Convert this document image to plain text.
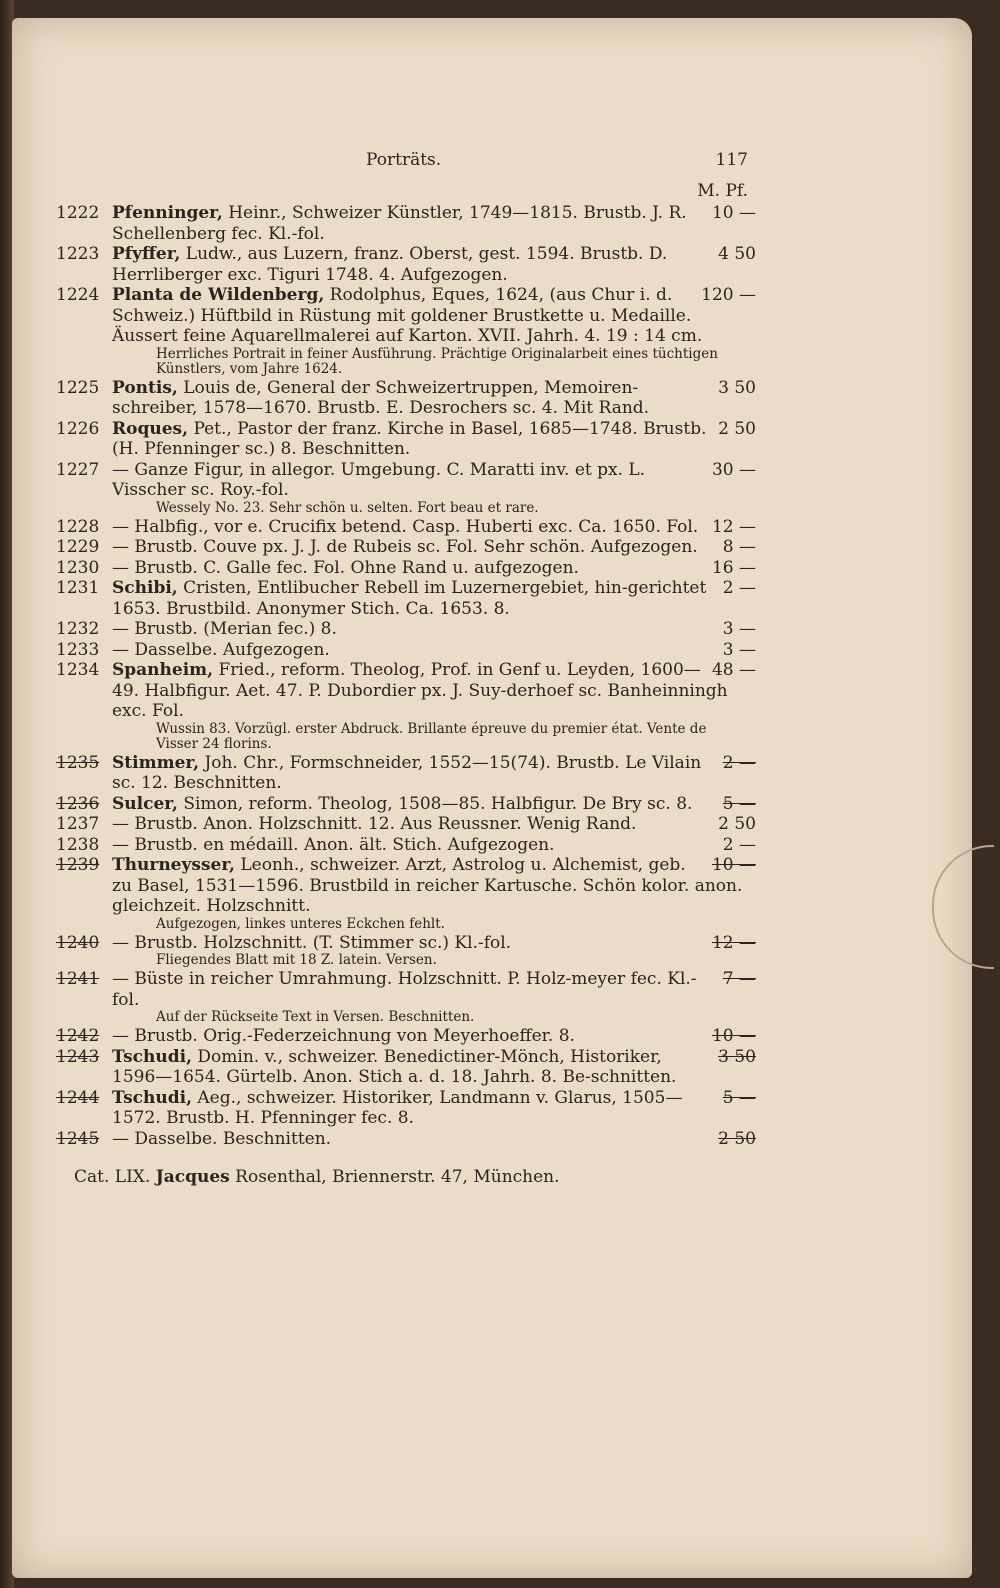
Porträts.	117
M. Pf.
1222	10 —
Pfenninger, Heinr., Schweizer Künstler, 1749—1815. Brustb. J. R. Schellenberg fec. Kl.-fol.
1223	4 50
Pfyffer, Ludw., aus Luzern, franz. Oberst, gest. 1594. Brustb. D. Herrliberger exc. Tiguri 1748. 4. Aufgezogen.
1224	120 —
Planta de Wildenberg, Rodolphus, Eques, 1624, (aus Chur i. d. Schweiz.) Hüftbild in Rüstung mit goldener Brustkette u. Medaille. Äussert feine Aquarellmalerei auf Karton. XVII. Jahrh. 4. 19 : 14 cm.
Herrliches Portrait in feiner Ausführung. Prächtige Originalarbeit eines tüchtigen Künstlers, vom Jahre 1624.
1225	3 50
Pontis, Louis de, General der Schweizertruppen, Memoiren-schreiber, 1578—1670. Brustb. E. Desrochers sc. 4. Mit Rand.
1226	2 50
Roques, Pet., Pastor der franz. Kirche in Basel, 1685—1748. Brustb. (H. Pfenninger sc.) 8. Beschnitten.
1227	30 —
— Ganze Figur, in allegor. Umgebung. C. Maratti inv. et px. L. Visscher sc. Roy.-fol.
Wessely No. 23. Sehr schön u. selten. Fort beau et rare.
1228	12 —
— Halbfig., vor e. Crucifix betend. Casp. Huberti exc. Ca. 1650. Fol.
1229	8 —
— Brustb. Couve px. J. J. de Rubeis sc. Fol. Sehr schön. Aufgezogen.
1230	16 —
— Brustb. C. Galle fec. Fol. Ohne Rand u. aufgezogen.
1231	2 —
Schibi, Cristen, Entlibucher Rebell im Luzernergebiet, hin-gerichtet 1653. Brustbild. Anonymer Stich. Ca. 1653. 8.
1232	3 —
— Brustb. (Merian fec.) 8.
1233	3 —
— Dasselbe. Aufgezogen.
1234	48 —
Spanheim, Fried., reform. Theolog, Prof. in Genf u. Leyden, 1600—49. Halbfigur. Aet. 47. P. Dubordier px. J. Suy-derhoef sc. Banheinningh exc. Fol.
Wussin 83. Vorzügl. erster Abdruck. Brillante épreuve du premier état. Vente de Visser 24 florins.
1235	2 —
Stimmer, Joh. Chr., Formschneider, 1552—15(74). Brustb. Le Vilain sc. 12. Beschnitten.
1236	5 —
Sulcer, Simon, reform. Theolog, 1508—85. Halbfigur. De Bry sc. 8.
1237	2 50
— Brustb. Anon. Holzschnitt. 12. Aus Reussner. Wenig Rand.
1238	2 —
— Brustb. en médaill. Anon. ält. Stich. Aufgezogen.
1239	10 —
Thurneysser, Leonh., schweizer. Arzt, Astrolog u. Alchemist, geb. zu Basel, 1531—1596. Brustbild in reicher Kartusche. Schön kolor. anon. gleichzeit. Holzschnitt.
Aufgezogen, linkes unteres Eckchen fehlt.
1240	12 —
— Brustb. Holzschnitt. (T. Stimmer sc.) Kl.-fol.
Fliegendes Blatt mit 18 Z. latein. Versen.
1241	7 —
— Büste in reicher Umrahmung. Holzschnitt. P. Holz-meyer fec. Kl.-fol.
Auf der Rückseite Text in Versen. Beschnitten.
1242	10 —
— Brustb. Orig.-Federzeichnung von Meyerhoeffer. 8.
1243	3 50
Tschudi, Domin. v., schweizer. Benedictiner-Mönch, Historiker, 1596—1654. Gürtelb. Anon. Stich a. d. 18. Jahrh. 8. Be-schnitten.
1244	5 —
Tschudi, Aeg., schweizer. Historiker, Landmann v. Glarus, 1505—1572. Brustb. H. Pfenninger fec. 8.
1245	2 50
— Dasselbe. Beschnitten.
Cat. LIX. Jacques Rosenthal, Briennerstr. 47, München.
